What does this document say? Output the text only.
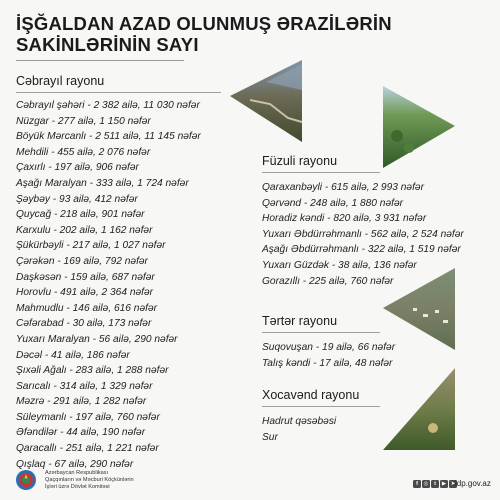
İŞĞALDAN AZAD OLUNMUŞ ƏRAZİLƏRİN
SAKİNLƏRİNİN SAYI
Cəbrayıl rayonu
Cəbrayıl şəhəri - 2 382 ailə, 11 030 nəfər
Nüzgar - 277 ailə, 1 150 nəfər
Böyük Mərcanlı - 2 511 ailə, 11 145 nəfər
Mehdili - 455 ailə, 2 076 nəfər
Çaxırlı - 197 ailə, 906 nəfər
Aşağı Maralyan - 333 ailə, 1 724 nəfər
Şəybəy - 93 ailə, 412 nəfər
Quycağ - 218 ailə, 901 nəfər
Karxulu - 202 ailə, 1 162 nəfər
Şükürbəyli - 217 ailə, 1 027 nəfər
Çərəkən - 169 ailə, 792 nəfər
Daşkəsən - 159 ailə, 687 nəfər
Horovlu - 491 ailə, 2 364 nəfər
Mahmudlu - 146 ailə, 616 nəfər
Cəfərabad - 30 ailə, 173 nəfər
Yuxarı Maralyan - 56 ailə, 290 nəfər
Dəcəl - 41 ailə, 186 nəfər
Şıxəli Ağalı - 283 ailə, 1 288 nəfər
Sarıcalı - 314 ailə, 1 329 nəfər
Məzrə - 291 ailə, 1 282 nəfər
Süleymanlı - 197 ailə, 760 nəfər
Əfəndilər - 44 ailə, 190 nəfər
Qaracallı - 251 ailə, 1 221 nəfər
Qışlaq - 67 ailə, 290 nəfər
Füzuli rayonu
Qaraxanbəyli - 615 ailə, 2 993 nəfər
Qərvənd - 248 ailə, 1 880 nəfər
Horadiz kəndi - 820 ailə, 3 931 nəfər
Yuxarı Əbdürrəhmanlı - 562 ailə, 2 524 nəfər
Aşağı Əbdürrəhmanlı - 322 ailə, 1 519 nəfər
Yuxarı Güzdək - 38 ailə, 136 nəfər
Gorazıllı - 225 ailə, 760 nəfər
Tərtər rayonu
Suqovuşan - 19 ailə, 66 nəfər
Talış kəndi - 17 ailə, 48 nəfər
Xocavənd rayonu
Hadrut qəsəbəsi
Sur
Azərbaycan Respublikası
Qaçqınların və Məcburi Köçkünlərin
İşləri üzrə Dövlət Komitəsi
f	◎	t	▶ ➤ idp.gov.az
